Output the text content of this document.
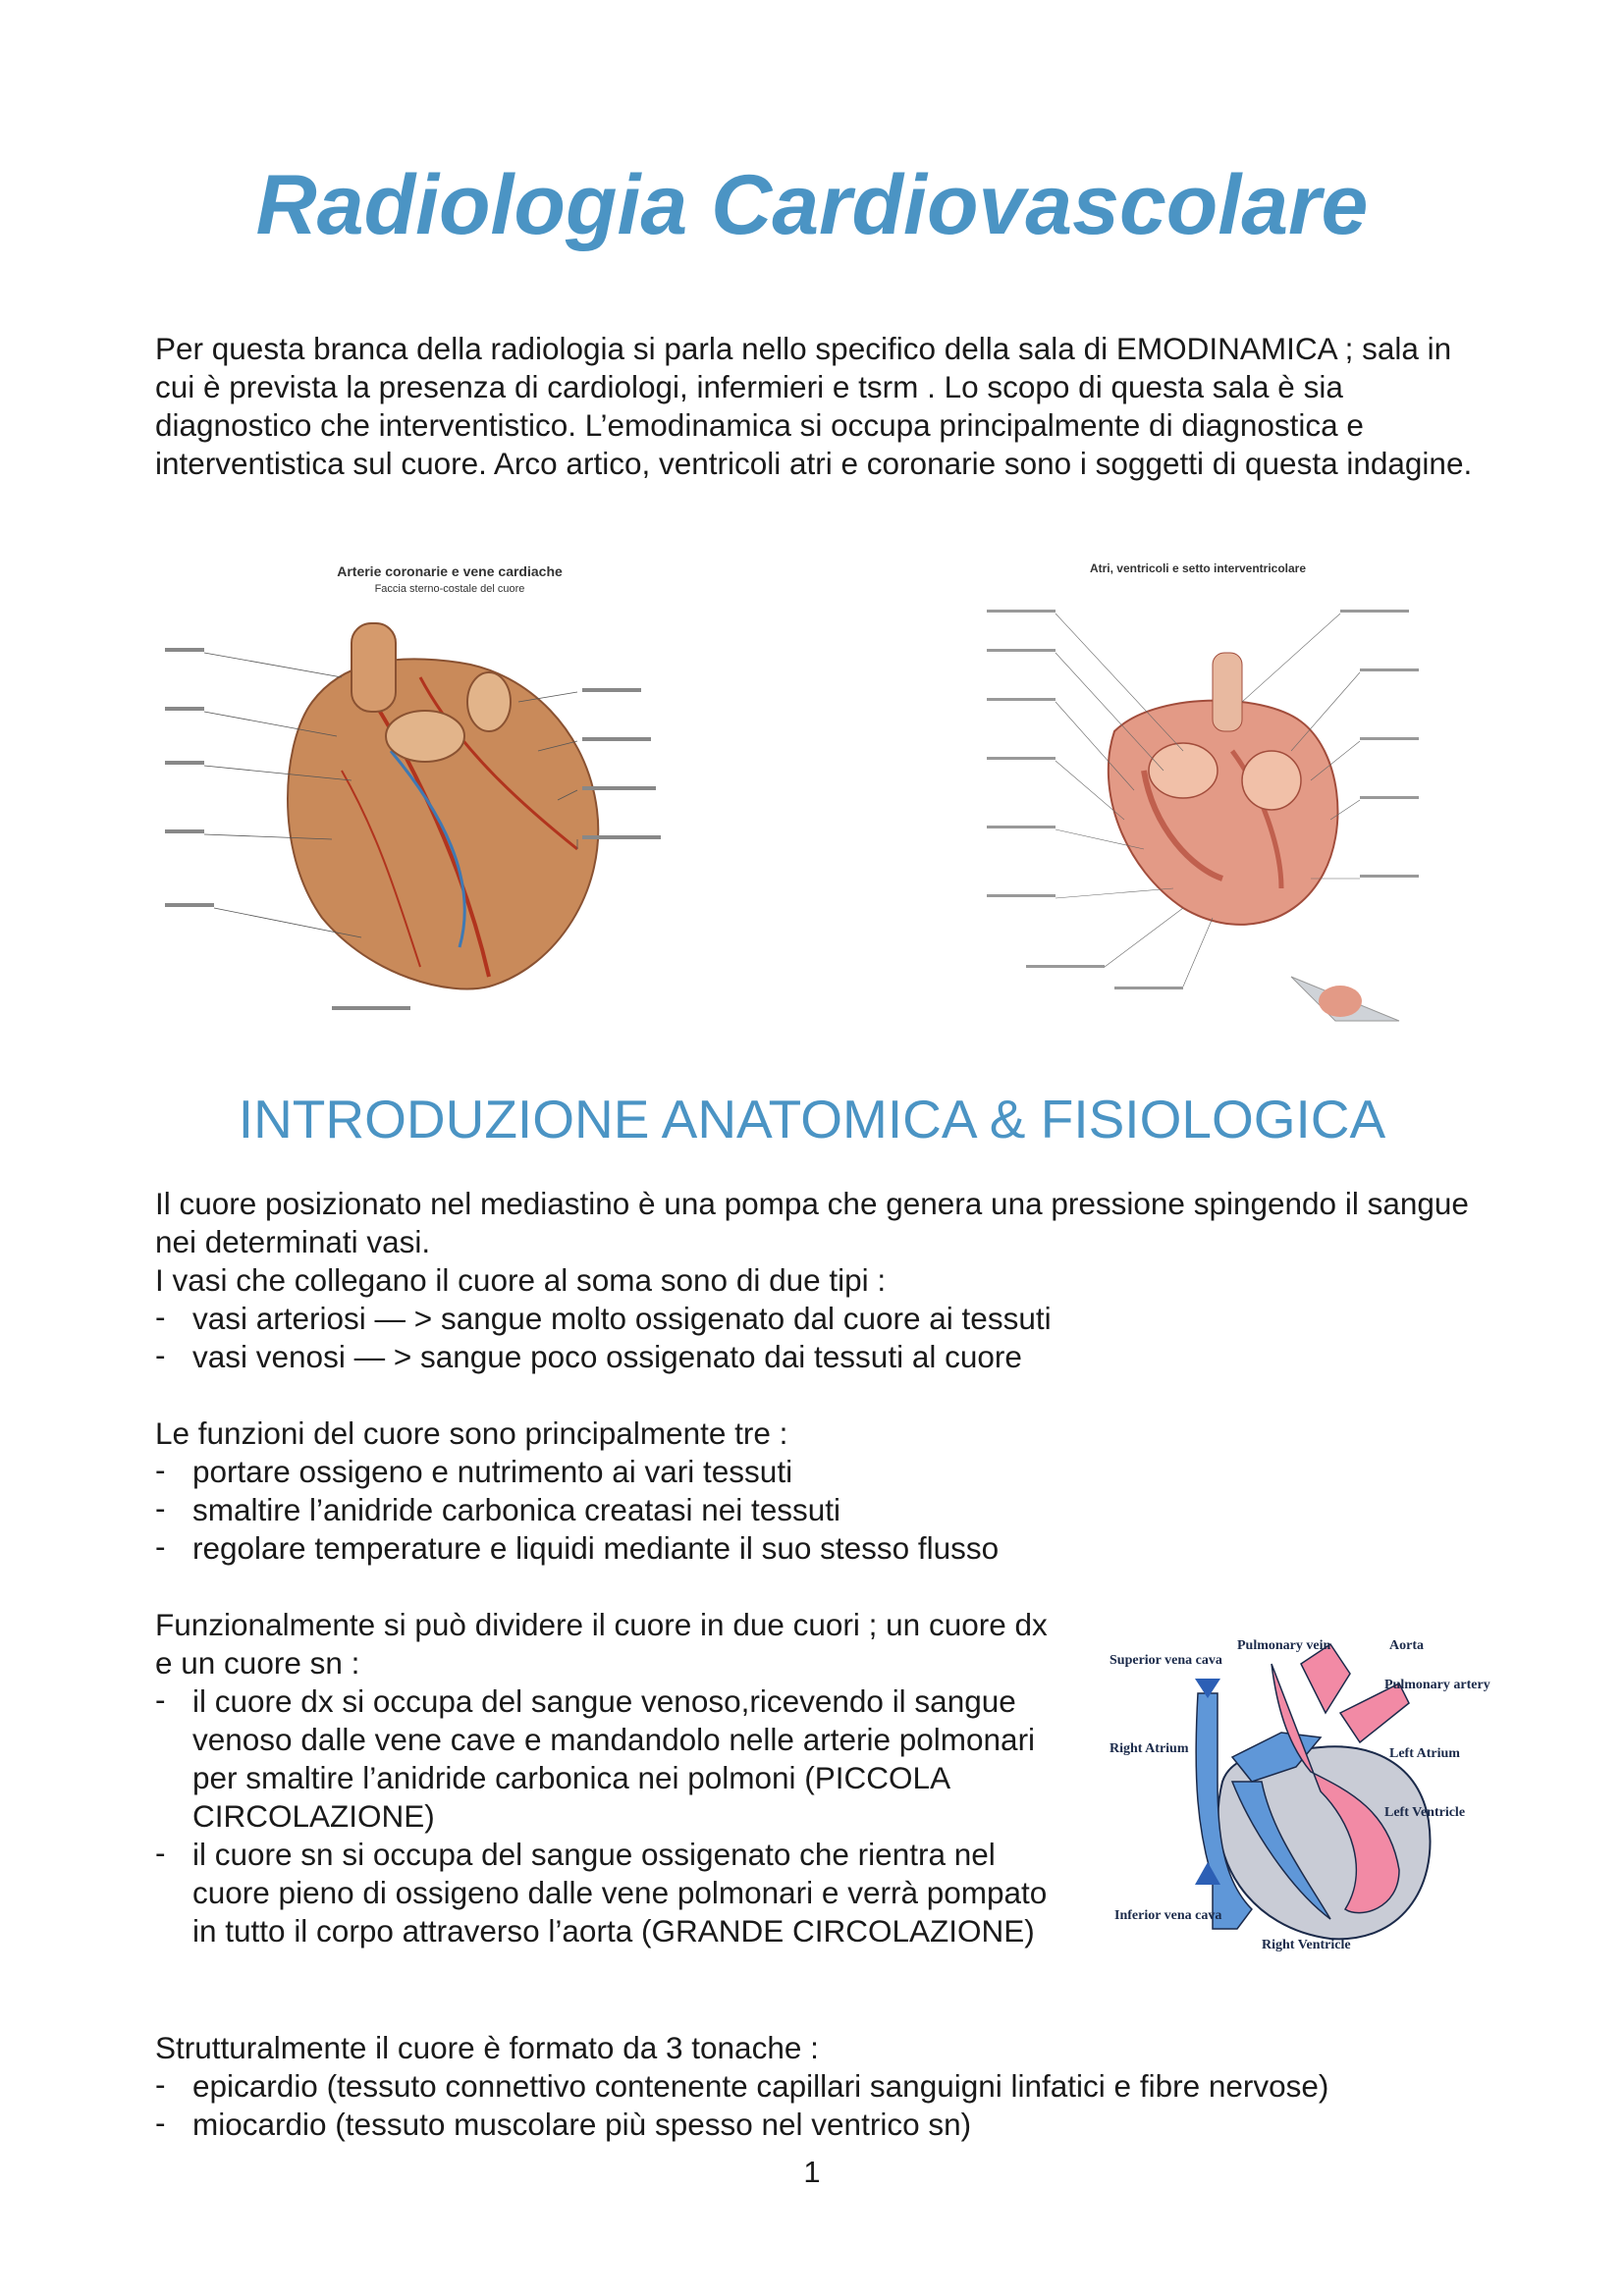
Radiologia Cardiovascolare

Per questa branca della radiologia si parla nello specifico della sala di EMODINAMICA ; sala in cui è prevista la presenza di cardiologi, infermieri e tsrm . Lo scopo di questa sala è sia diagnostico che interventistico. L’emodinamica si occupa principalmente di diagnostica e interventistica sul cuore. Arco artico, ventricoli atri e coronarie sono i soggetti di questa indagine.

Arterie coronarie e vene cardiache
Faccia sterno-costale del cuore
Atri, ventricoli e setto interventricolare
INTRODUZIONE ANATOMICA & FISIOLOGICA

Il cuore posizionato nel mediastino è una pompa che genera una pressione spingendo il sangue nei determinati vasi.

I vasi che collegano il cuore al soma sono di due tipi :

- vasi arteriosi — > sangue molto ossigenato dal cuore ai tessuti
- vasi venosi — > sangue poco ossigenato dai tessuti al cuore

Le funzioni del cuore sono principalmente tre :

- portare ossigeno e nutrimento ai vari tessuti
- smaltire l’anidride carbonica creatasi nei tessuti
- regolare temperature e liquidi mediante il suo stesso flusso

Funzionalmente si può dividere il cuore in due cuori ; un cuore dx e un cuore sn :

- il cuore dx si occupa del sangue venoso,ricevendo il sangue venoso dalle vene cave e mandandolo nelle arterie polmonari per smaltire l’anidride carbonica nei polmoni (PICCOLA CIRCOLAZIONE)
- il cuore sn si occupa del sangue ossigenato che rientra nel cuore pieno di ossigeno dalle vene polmonari e verrà pompato in tutto il corpo attraverso l’aorta (GRANDE CIRCOLAZIONE)
Superior vena cava
Pulmonary vein	Aorta
Pulmonary artery
Right Atrium	Left Atrium
Left Ventricle
Inferior vena cava
Right Ventricle

Strutturalmente il cuore è formato da 3 tonache :

- epicardio (tessuto connettivo contenente capillari sanguigni linfatici e fibre nervose)
- miocardio (tessuto muscolare più spesso nel ventrico sn)
1
